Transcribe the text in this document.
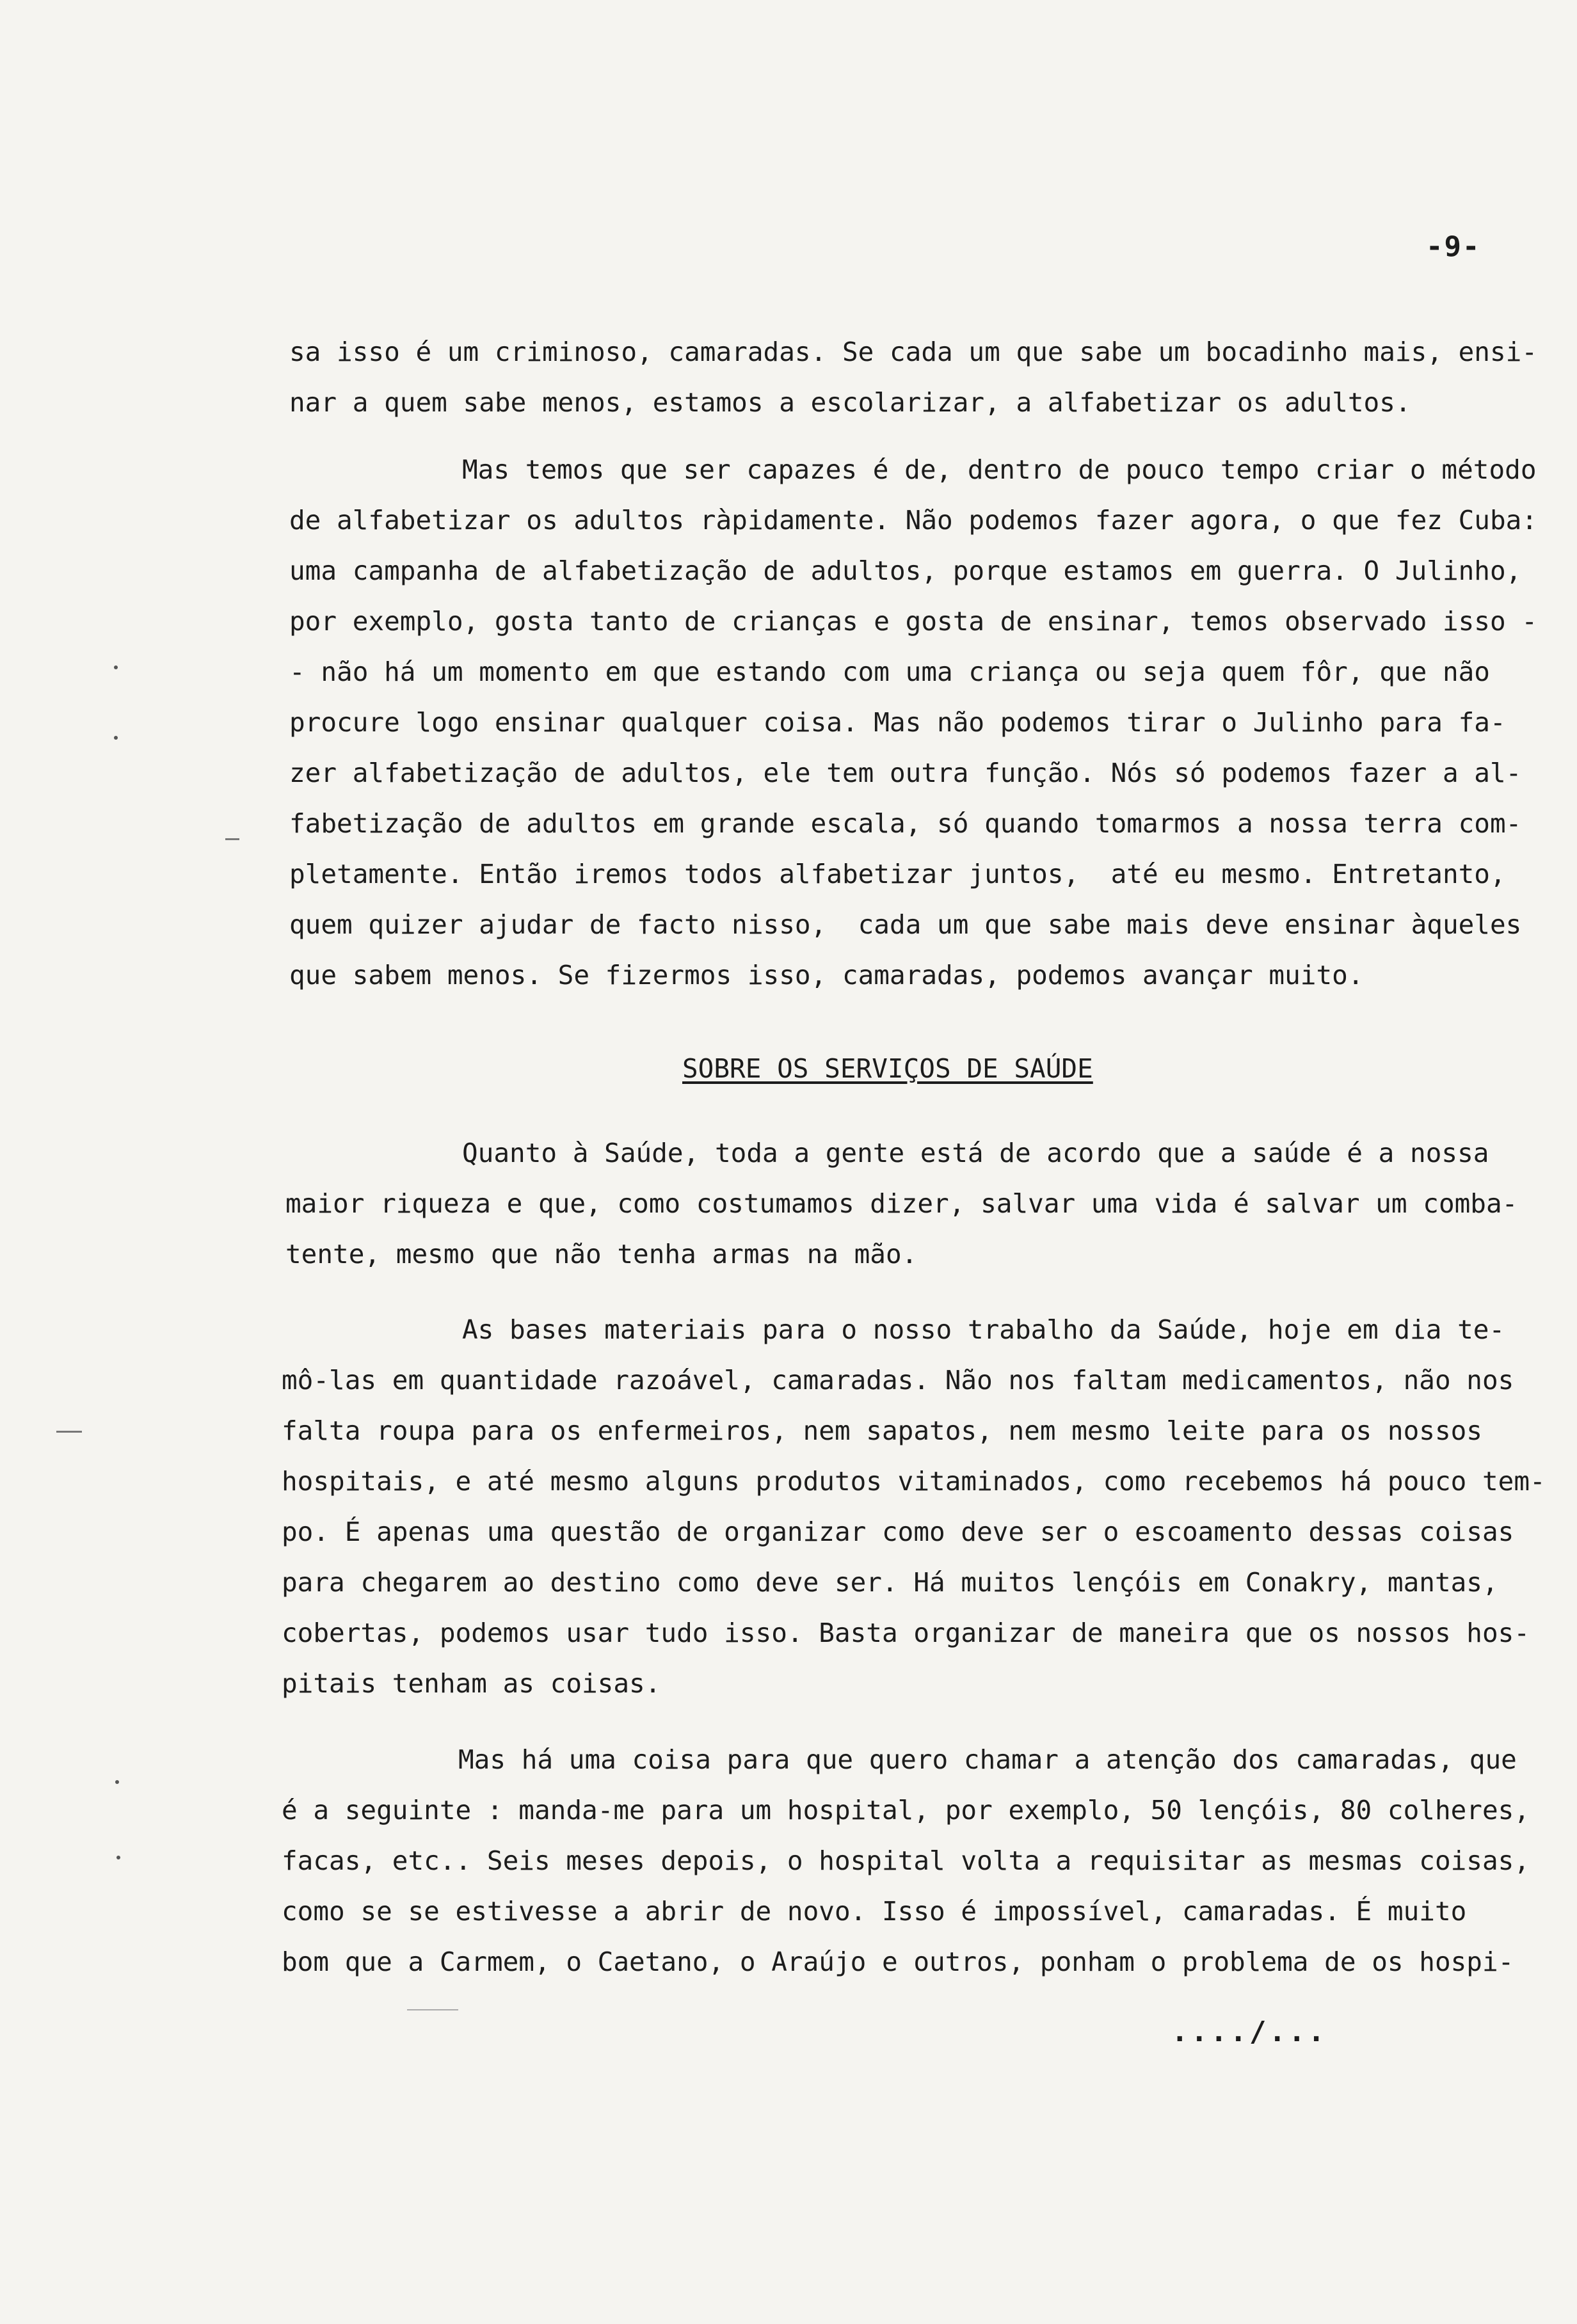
-9-
sa isso é um criminoso, camaradas. Se cada um que sabe um bocadinho mais, ensi-
nar a quem sabe menos, estamos a escolarizar, a alfabetizar os adultos.
Mas temos que ser capazes é de, dentro de pouco tempo criar o método
de alfabetizar os adultos ràpidamente. Não podemos fazer agora, o que fez Cuba:
uma campanha de alfabetização de adultos, porque estamos em guerra. O Julinho,
por exemplo, gosta tanto de crianças e gosta de ensinar, temos observado isso -
- não há um momento em que estando com uma criança ou seja quem fôr, que não
procure logo ensinar qualquer coisa. Mas não podemos tirar o Julinho para fa-
zer alfabetização de adultos, ele tem outra função. Nós só podemos fazer a al-
fabetização de adultos em grande escala, só quando tomarmos a nossa terra com-
pletamente. Então iremos todos alfabetizar juntos,  até eu mesmo. Entretanto,
quem quizer ajudar de facto nisso,  cada um que sabe mais deve ensinar àqueles
que sabem menos. Se fizermos isso, camaradas, podemos avançar muito.
SOBRE OS SERVIÇOS DE SAÚDE
Quanto à Saúde, toda a gente está de acordo que a saúde é a nossa
maior riqueza e que, como costumamos dizer, salvar uma vida é salvar um comba-
tente, mesmo que não tenha armas na mão.
As bases materiais para o nosso trabalho da Saúde, hoje em dia te-
mô-las em quantidade razoável, camaradas. Não nos faltam medicamentos, não nos
falta roupa para os enfermeiros, nem sapatos, nem mesmo leite para os nossos
hospitais, e até mesmo alguns produtos vitaminados, como recebemos há pouco tem-
po. É apenas uma questão de organizar como deve ser o escoamento dessas coisas
para chegarem ao destino como deve ser. Há muitos lençóis em Conakry, mantas,
cobertas, podemos usar tudo isso. Basta organizar de maneira que os nossos hos-
pitais tenham as coisas.
Mas há uma coisa para que quero chamar a atenção dos camaradas, que
é a seguinte : manda-me para um hospital, por exemplo, 50 lençóis, 80 colheres,
facas, etc.. Seis meses depois, o hospital volta a requisitar as mesmas coisas,
como se se estivesse a abrir de novo. Isso é impossível, camaradas. É muito
bom que a Carmem, o Caetano, o Araújo e outros, ponham o problema de os hospi-
..../...
